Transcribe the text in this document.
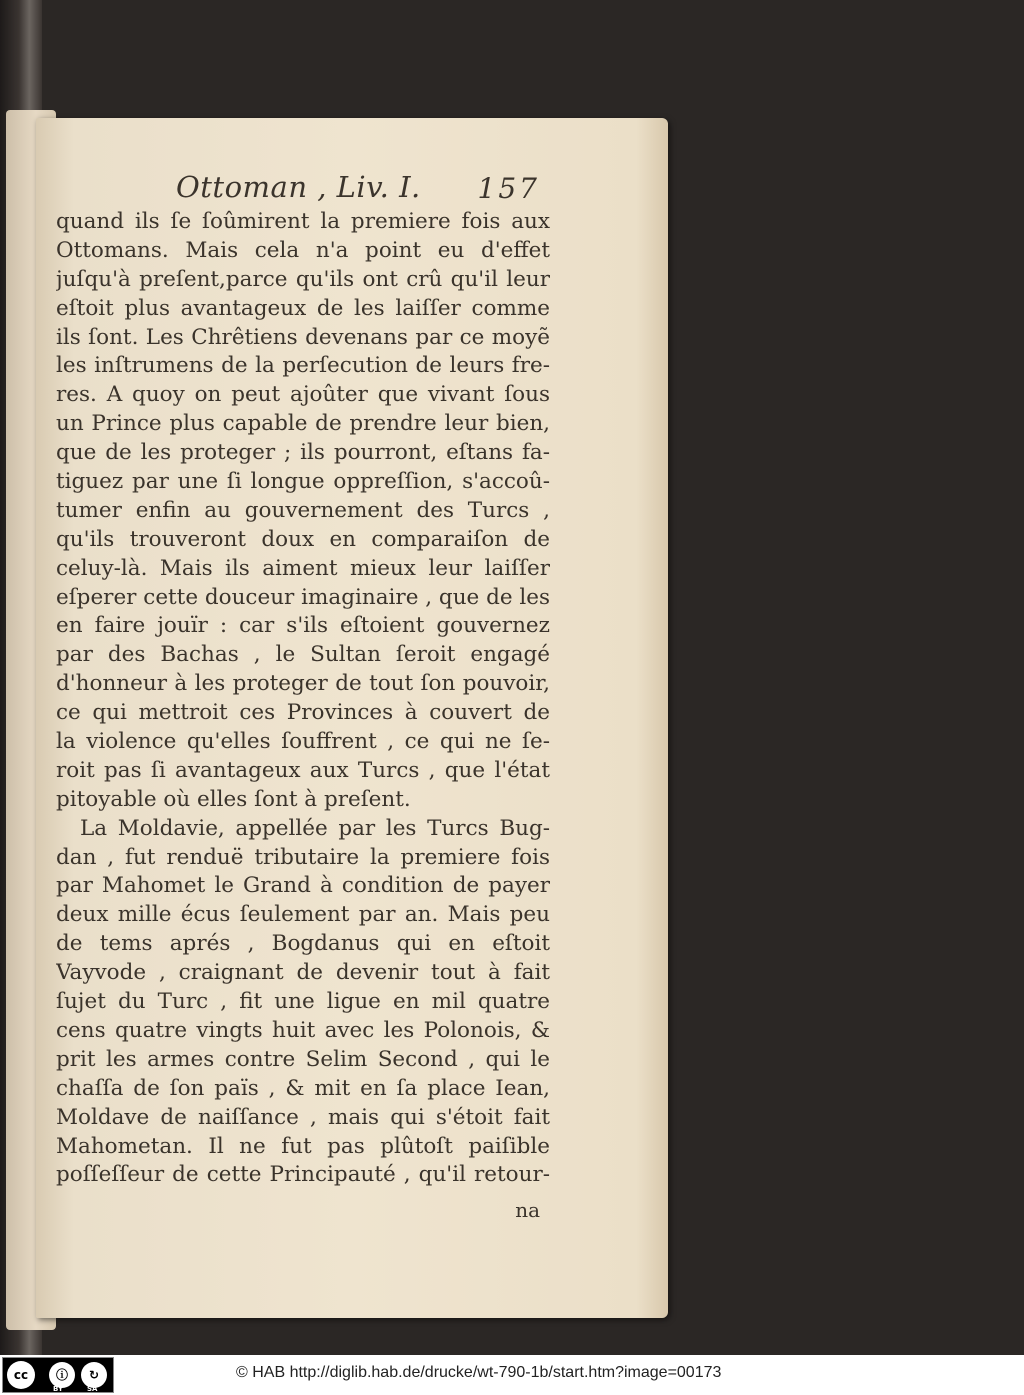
Ottoman , Liv. I. 157
quand ils ſe ſoûmirent la premiere fois aux
Ottomans. Mais cela n'a point eu d'effet
juſqu'à preſent,parce qu'ils ont crû qu'il leur
eſtoit plus avantageux de les laiſſer comme
ils ſont. Les Chrêtiens devenans par ce moyẽ
les inſtrumens de la perſecution de leurs fre-
res. A quoy on peut ajoûter que vivant ſous
un Prince plus capable de prendre leur bien,
que de les proteger ; ils pourront, eſtans fa-
tiguez par une ſi longue oppreſſion, s'accoû-
tumer enfin au gouvernement des Turcs ,
qu'ils trouveront doux en comparaiſon de
celuy-là. Mais ils aiment mieux leur laiſſer
eſperer cette douceur imaginaire , que de les
en faire jouïr : car s'ils eſtoient gouvernez
par des Bachas , le Sultan ſeroit engagé
d'honneur à les proteger de tout ſon pouvoir,
ce qui mettroit ces Provinces à couvert de
la violence qu'elles ſouffrent , ce qui ne ſe-
roit pas ſi avantageux aux Turcs , que l'état
pitoyable où elles ſont à preſent.
La Moldavie, appellée par les Turcs Bug-
dan , fut renduë tributaire la premiere fois
par Mahomet le Grand à condition de payer
deux mille écus ſeulement par an. Mais peu
de tems aprés , Bogdanus qui en eſtoit
Vayvode , craignant de devenir tout à fait
ſujet du Turc , fit une ligue en mil quatre
cens quatre vingts huit avec les Polonois, &
prit les armes contre Selim Second , qui le
chaſſa de ſon païs , & mit en ſa place Iean,
Moldave de naiſſance , mais qui s'étoit fait
Mahometan. Il ne fut pas plûtoſt paiſible
poſſeſſeur de cette Principauté , qu'il retour-
na
cc	ⓘ	↻
BY	SA
© HAB http://diglib.hab.de/drucke/wt-790-1b/start.htm?image=00173
